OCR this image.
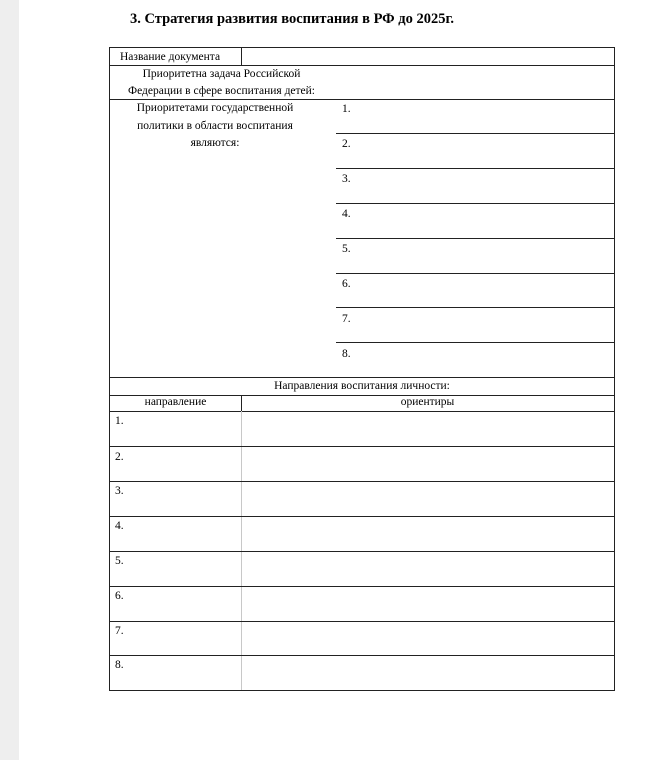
3. Стратегия развития воспитания в РФ до 2025г.
Название документа
Приоритетна задача Российской
Федерации в сфере воспитания детей:
Приоритетами государственной
политики в области воспитания
являются:
1.
2.
3.
4.
5.
6.
7.
8.
Направления воспитания личности:
направление	ориентиры
1.
2.
3.
4.
5.
6.
7.
8.
